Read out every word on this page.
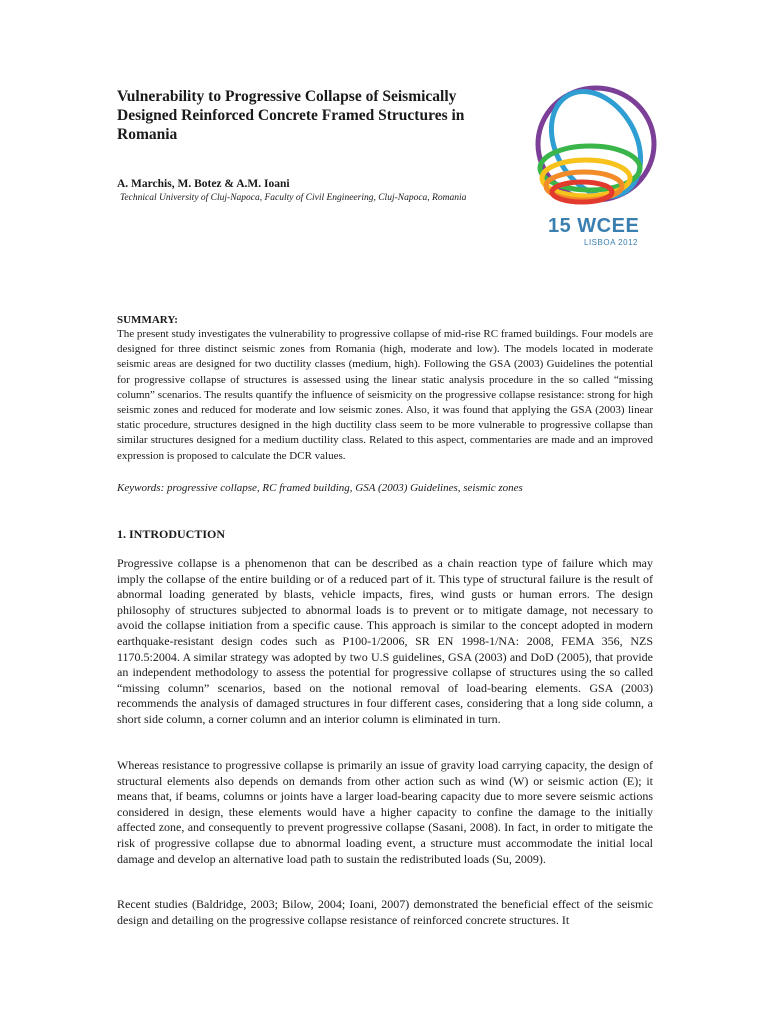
Vulnerability to Progressive Collapse of Seismically Designed Reinforced Concrete Framed Structures in Romania

A. Marchis, M. Botez & A.M. Ioani

Technical University of Cluj-Napoca, Faculty of Civil Engineering, Cluj-Napoca, Romania

15 WCEE
LISBOA 2012

SUMMARY:

The present study investigates the vulnerability to progressive collapse of mid-rise RC framed buildings. Four models are designed for three distinct seismic zones from Romania (high, moderate and low). The models located in moderate seismic areas are designed for two ductility classes (medium, high). Following the GSA (2003) Guidelines the potential for progressive collapse of structures is assessed using the linear static analysis procedure in the so called “missing column” scenarios. The results quantify the influence of seismicity on the progressive collapse resistance: strong for high seismic zones and reduced for moderate and low seismic zones. Also, it was found that applying the GSA (2003) linear static procedure, structures designed in the high ductility class seem to be more vulnerable to progressive collapse than similar structures designed for a medium ductility class. Related to this aspect, commentaries are made and an improved expression is proposed to calculate the DCR values.

Keywords: progressive collapse, RC framed building, GSA (2003) Guidelines, seismic zones

1. INTRODUCTION

Progressive collapse is a phenomenon that can be described as a chain reaction type of failure which may imply the collapse of the entire building or of a reduced part of it. This type of structural failure is the result of abnormal loading generated by blasts, vehicle impacts, fires, wind gusts or human errors. The design philosophy of structures subjected to abnormal loads is to prevent or to mitigate damage, not necessary to avoid the collapse initiation from a specific cause. This approach is similar to the concept adopted in modern earthquake-resistant design codes such as P100-1/2006, SR EN 1998-1/NA: 2008, FEMA 356, NZS 1170.5:2004. A similar strategy was adopted by two U.S guidelines, GSA (2003) and DoD (2005), that provide an independent methodology to assess the potential for progressive collapse of structures using the so called “missing column” scenarios, based on the notional removal of load-bearing elements. GSA (2003) recommends the analysis of damaged structures in four different cases, considering that a long side column, a short side column, a corner column and an interior column is eliminated in turn.

Whereas resistance to progressive collapse is primarily an issue of gravity load carrying capacity, the design of structural elements also depends on demands from other action such as wind (W) or seismic action (E); it means that, if beams, columns or joints have a larger load-bearing capacity due to more severe seismic actions considered in design, these elements would have a higher capacity to confine the damage to the initially affected zone, and consequently to prevent progressive collapse (Sasani, 2008). In fact, in order to mitigate the risk of progressive collapse due to abnormal loading event, a structure must accommodate the initial local damage and develop an alternative load path to sustain the redistributed loads (Su, 2009).

Recent studies (Baldridge, 2003; Bilow, 2004; Ioani, 2007) demonstrated the beneficial effect of the seismic design and detailing on the progressive collapse resistance of reinforced concrete structures. It
